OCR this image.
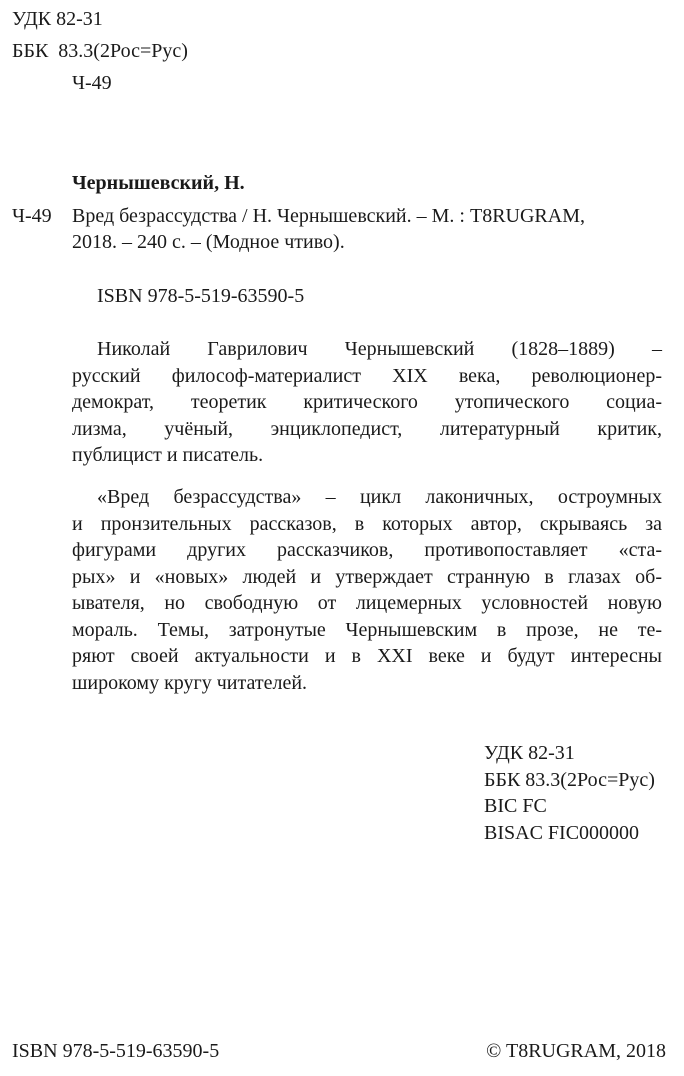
УДК 82-31
ББК  83.3(2Рос=Рус)
Ч-49
Чернышевский, Н.
Ч-49 Вред безрассудства / Н. Чернышевский. – М. : T8RUGRAM,
2018. – 240 с. – (Модное чтиво).
ISBN 978-5-519-63590-5
Николай Гаврилович Чернышевский (1828–1889) –
русский философ-материалист XIX века, революционер-
демократ, теоретик критического утопического социа-
лизма, учёный, энциклопедист, литературный критик,
публицист и писатель.
«Вред безрассудства» – цикл лаконичных, остроумных
и пронзительных рассказов, в которых автор, скрываясь за
фигурами других рассказчиков, противопоставляет «ста-
рых» и «новых» людей и утверждает странную в глазах об-
ывателя, но свободную от лицемерных условностей новую
мораль. Темы, затронутые Чернышевским в прозе, не те-
ряют своей актуальности и в XXI веке и будут интересны
широкому кругу читателей.
УДК 82-31
ББК 83.3(2Рос=Рус)
BIC FC
BISAC FIC000000
ISBN 978-5-519-63590-5	© T8RUGRAM, 2018
